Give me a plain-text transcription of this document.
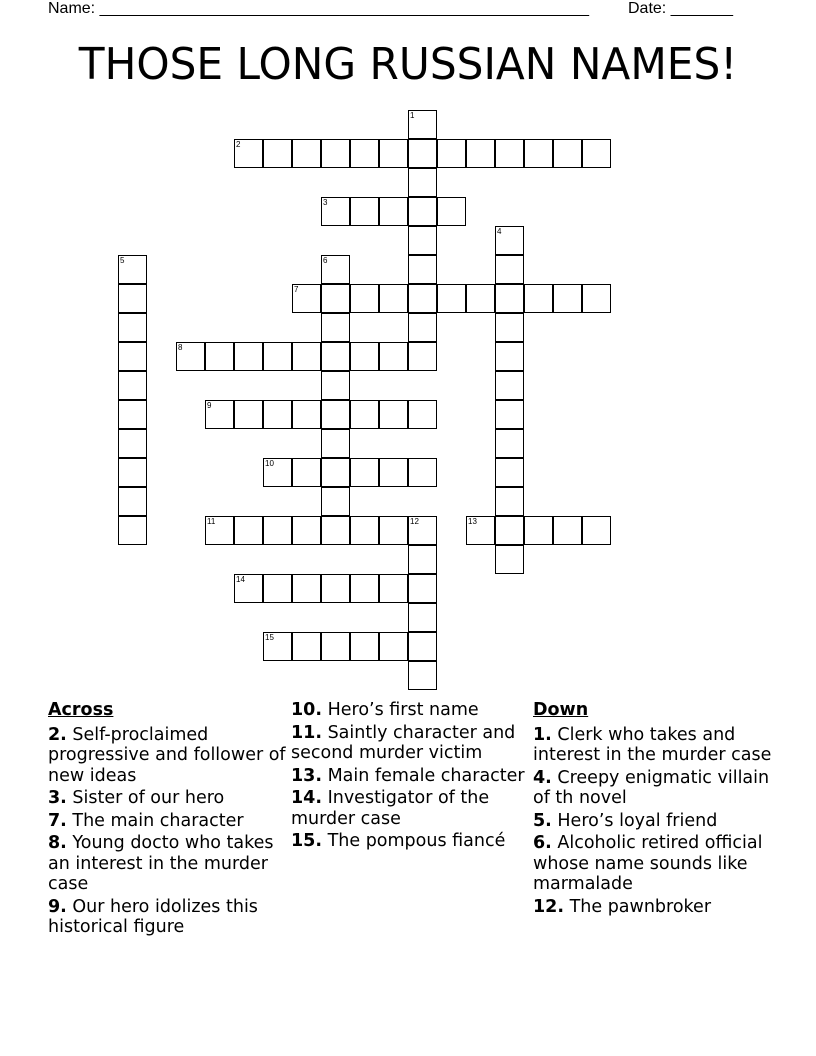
Name: _______________________________________________________ Date: _______
THOSE LONG RUSSIAN NAMES!
2
3
7
8
9
10
11	12	13
14
15
1
4
5	6
Across
2. Self-proclaimed progressive and follower of new ideas
3. Sister of our hero
7. The main character
8. Young docto who takes an interest in the murder case
9. Our hero idolizes this historical figure
10. Hero’s first name
11. Saintly character and second murder victim
13. Main female character
14. Investigator of the murder case
15. The pompous fiancé
Down
1. Clerk who takes and interest in the murder case
4. Creepy enigmatic villain of th novel
5. Hero’s loyal friend
6. Alcoholic retired official whose name sounds like marmalade
12. The pawnbroker
